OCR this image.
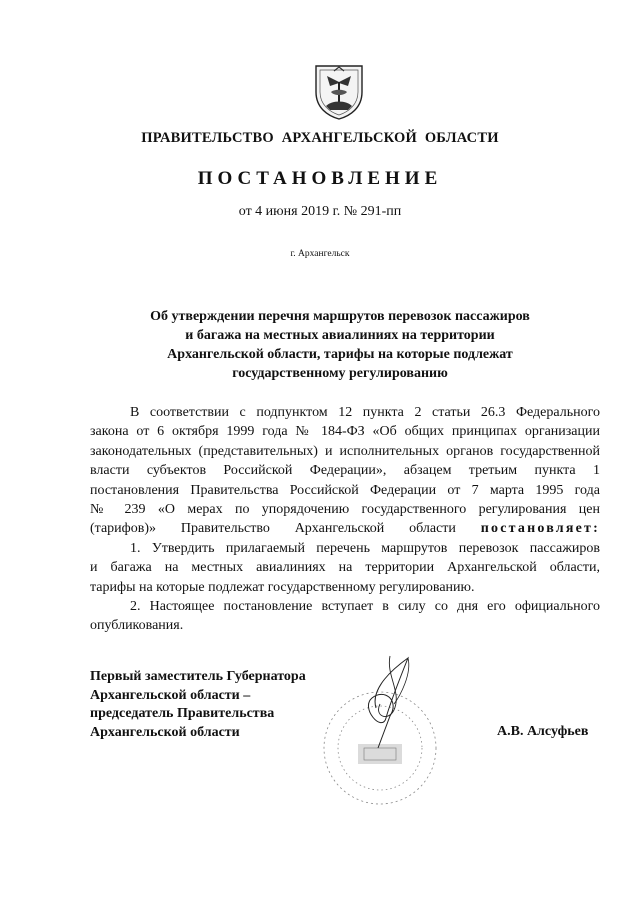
ПРАВИТЕЛЬСТВО АРХАНГЕЛЬСКОЙ ОБЛАСТИ
ПОСТАНОВЛЕНИЕ
от 4 июня 2019 г. № 291-пп
г. Архангельск
Об утверждении перечня маршрутов перевозок пассажиров
и багажа на местных авиалиниях на территории
Архангельской области, тарифы на которые подлежат
государственному регулированию
В соответствии с подпунктом 12 пункта 2 статьи 26.3 Федерального
закона от 6 октября 1999 года № 184-ФЗ «Об общих принципах организации
законодательных (представительных) и исполнительных органов государственной
власти субъектов Российской Федерации», абзацем третьим пункта 1
постановления Правительства Российской Федерации от 7 марта 1995 года
№ 239 «О мерах по упорядочению государственного регулирования цен
(тарифов)» Правительство Архангельской области постановляет:
1. Утвердить прилагаемый перечень маршрутов перевозок пассажиров
и багажа на местных авиалиниях на территории Архангельской области,
тарифы на которые подлежат государственному регулированию.
2. Настоящее постановление вступает в силу со дня его официального
опубликования.
Первый заместитель Губернатора
Архангельской области –
председатель Правительства
Архангельской области	А.В. Алсуфьев
